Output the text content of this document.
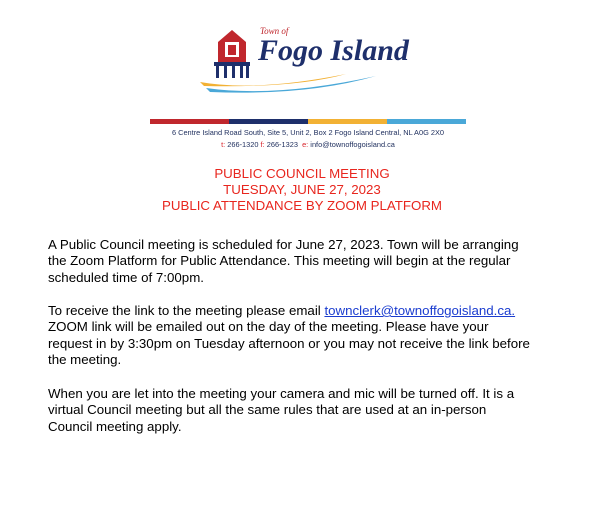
Town of
Fogo Island
6 Centre Island Road South, Site 5, Unit 2, Box 2 Fogo Island Central, NL A0G 2X0
t: 266-1320 f: 266-1323 e: info@townoffogoisland.ca
PUBLIC COUNCIL MEETING
TUESDAY, JUNE 27, 2023
PUBLIC ATTENDANCE BY ZOOM PLATFORM
A Public Council meeting is scheduled for June 27, 2023. Town will be arranging
the Zoom Platform for Public Attendance. This meeting will begin at the regular
scheduled time of 7:00pm.
To receive the link to the meeting please email townclerk@townoffogoisland.ca.
ZOOM link will be emailed out on the day of the meeting. Please have your
request in by 3:30pm on Tuesday afternoon or you may not receive the link before
the meeting.
When you are let into the meeting your camera and mic will be turned off. It is a
virtual Council meeting but all the same rules that are used at an in-person
Council meeting apply.
